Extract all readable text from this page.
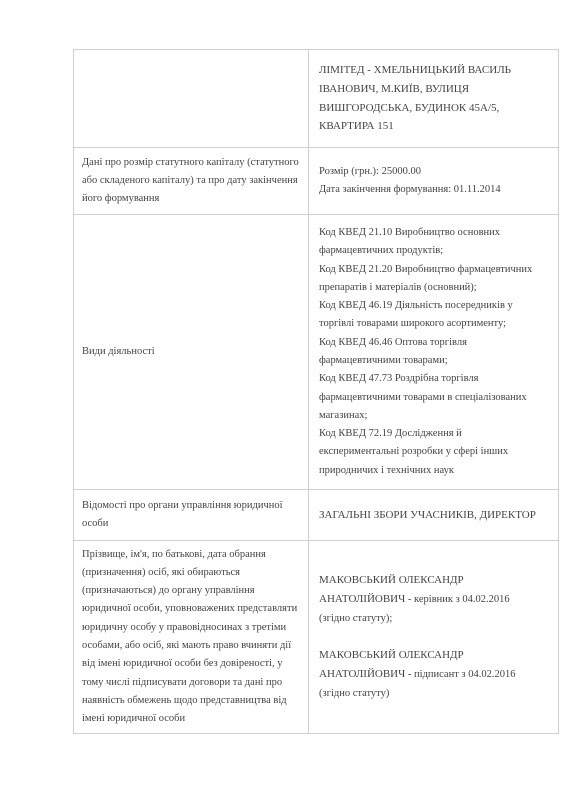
ЛІМІТЕД - ХМЕЛЬНИЦЬКИЙ ВАСИЛЬ
ІВАНОВИЧ, М.КИЇВ, ВУЛИЦЯ
ВИШГОРОДСЬКА, БУДИНОК 45А/5,
КВАРТИРА 151
Дані про розмір статутного капіталу (статутного
або складеного капіталу) та про дату закінчення
його формування
Розмір (грн.): 25000.00
Дата закінчення формування: 01.11.2014
Види діяльності
Код КВЕД 21.10 Виробництво основних
фармацевтичних продуктів;
Код КВЕД 21.20 Виробництво фармацевтичних
препаратів і матеріалів (основний);
Код КВЕД 46.19 Діяльність посередників у
торгівлі товарами широкого асортименту;
Код КВЕД 46.46 Оптова торгівля
фармацевтичними товарами;
Код КВЕД 47.73 Роздрібна торгівля
фармацевтичними товарами в спеціалізованих
магазинах;
Код КВЕД 72.19 Дослідження й
експериментальні розробки у сфері інших
природничих і технічних наук
Відомості про органи управління юридичної
особи
ЗАГАЛЬНІ ЗБОРИ УЧАСНИКІВ, ДИРЕКТОР
Прізвище, ім'я, по батькові, дата обрання
(призначення) осіб, які обираються
(призначаються) до органу управління
юридичної особи, уповноважених представляти
юридичну особу у правовідносинах з третіми
особами, або осіб, які мають право вчиняти дії
від імені юридичної особи без довіреності, у
тому числі підписувати договори та дані про
наявність обмежень щодо представництва від
імені юридичної особи
МАКОВСЬКИЙ ОЛЕКСАНДР
АНАТОЛІЙОВИЧ - керівник з 04.02.2016
(згідно статуту);
МАКОВСЬКИЙ ОЛЕКСАНДР
АНАТОЛІЙОВИЧ - підписант з 04.02.2016
(згідно статуту)
